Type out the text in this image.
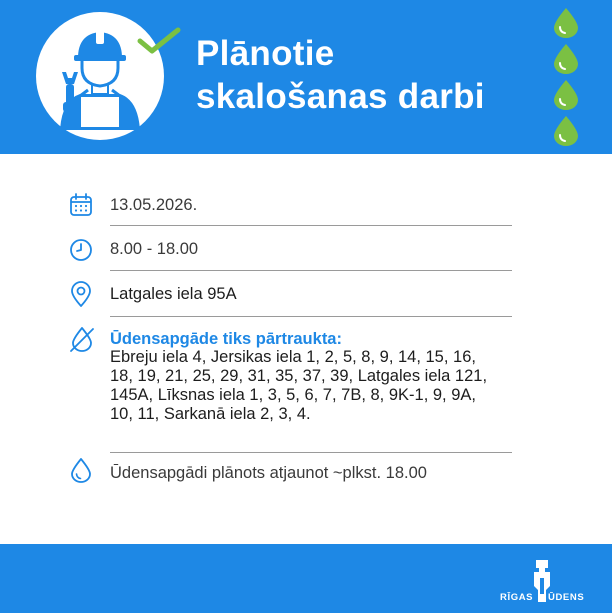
Plānotie
skalošanas darbi
13.05.2026.
8.00 - 18.00
Latgales iela 95A
Ūdensapgāde tiks pārtraukta:
Ebreju iela 4, Jersikas iela 1, 2, 5, 8, 9, 14, 15, 16,
18, 19, 21, 25, 29, 31, 35, 37, 39, Latgales iela 121,
145A, Līksnas iela 1, 3, 5, 6, 7, 7B, 8, 9K-1, 9, 9A,
10, 11, Sarkanā iela 2, 3, 4.
Ūdensapgādi plānots atjaunot ~plkst. 18.00
RĪGAS ŪDENS
